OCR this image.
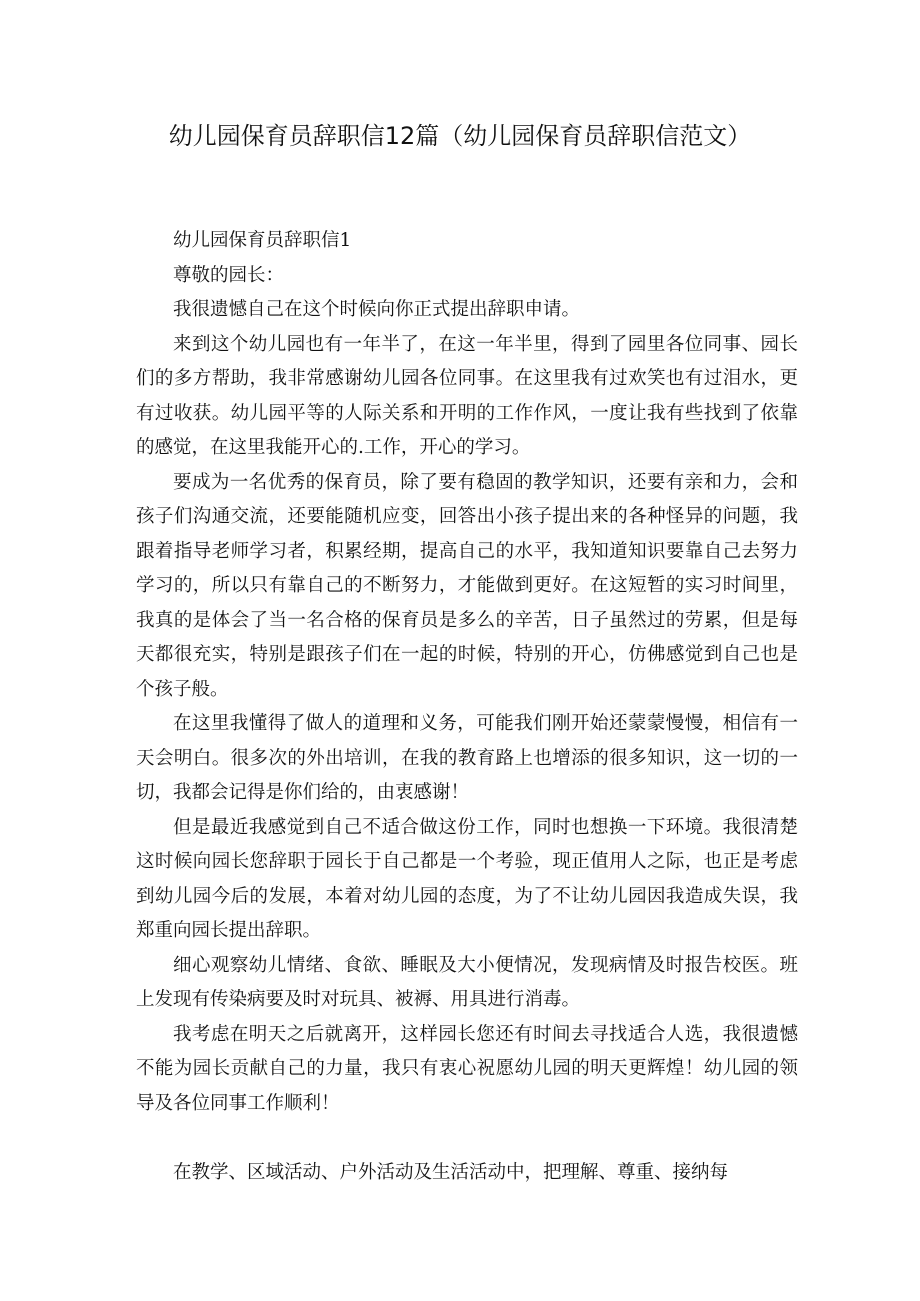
幼儿园保育员辞职信12篇（幼儿园保育员辞职信范文）

幼儿园保育员辞职信1

尊敬的园长：

我很遗憾自己在这个时候向你正式提出辞职申请。

来到这个幼儿园也有一年半了，在这一年半里，得到了园里各位同事、园长们的多方帮助，我非常感谢幼儿园各位同事。在这里我有过欢笑也有过泪水，更有过收获。幼儿园平等的人际关系和开明的工作作风，一度让我有些找到了依靠的感觉，在这里我能开心的.工作，开心的学习。

要成为一名优秀的保育员，除了要有稳固的教学知识，还要有亲和力，会和孩子们沟通交流，还要能随机应变，回答出小孩子提出来的各种怪异的问题，我跟着指导老师学习者，积累经期，提高自己的水平，我知道知识要靠自己去努力学习的，所以只有靠自己的不断努力，才能做到更好。在这短暂的实习时间里，我真的是体会了当一名合格的保育员是多么的辛苦，日子虽然过的劳累，但是每天都很充实，特别是跟孩子们在一起的时候，特别的开心，仿佛感觉到自己也是个孩子般。

在这里我懂得了做人的道理和义务，可能我们刚开始还蒙蒙慢慢，相信有一天会明白。很多次的外出培训，在我的教育路上也增添的很多知识，这一切的一切，我都会记得是你们给的，由衷感谢！

但是最近我感觉到自己不适合做这份工作，同时也想换一下环境。我很清楚这时候向园长您辞职于园长于自己都是一个考验，现正值用人之际，也正是考虑到幼儿园今后的发展，本着对幼儿园的态度，为了不让幼儿园因我造成失误，我郑重向园长提出辞职。

细心观察幼儿情绪、食欲、睡眠及大小便情况，发现病情及时报告校医。班上发现有传染病要及时对玩具、被褥、用具进行消毒。

我考虑在明天之后就离开，这样园长您还有时间去寻找适合人选，我很遗憾不能为园长贡献自己的力量，我只有衷心祝愿幼儿园的明天更辉煌！幼儿园的领导及各位同事工作顺利！

在教学、区域活动、户外活动及生活活动中，把理解、尊重、接纳每
